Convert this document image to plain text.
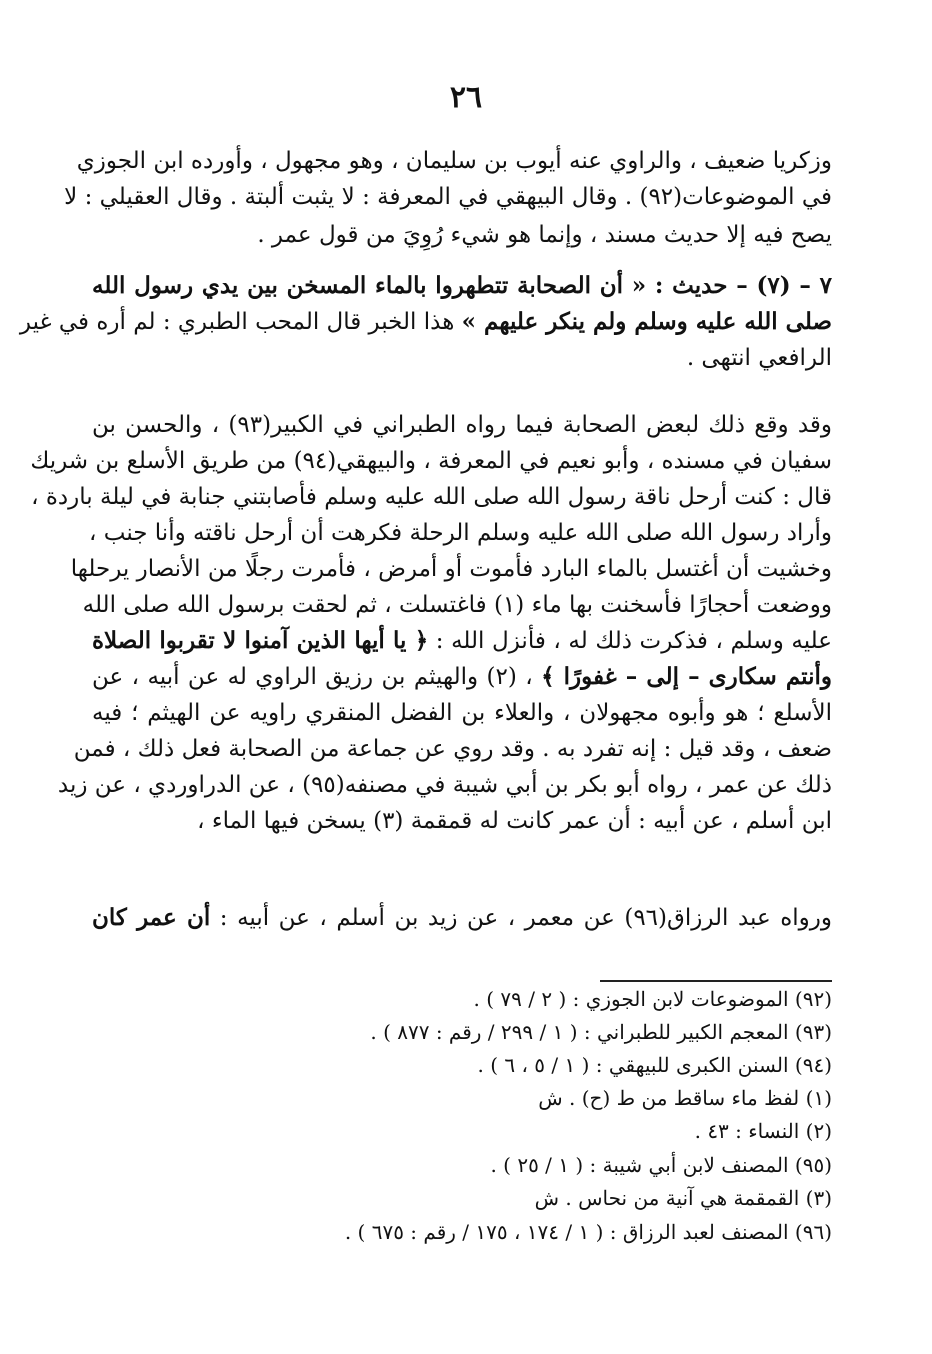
٢٦
وزكريا ضعيف ، والراوي عنه أيوب بن سليمان ، وهو مجهول ، وأورده ابن الجوزي
في الموضوعات(٩٢) . وقال البيهقي في المعرفة : لا يثبت ألبتة . وقال العقيلي : لا
يصح فيه إلا حديث مسند ، وإنما هو شيء رُوِيَ من قول عمر .
٧ – (٧) – حديث : « أن الصحابة تتطهروا بالماء المسخن بين يدي رسول الله
صلى الله عليه وسلم ولم ينكر عليهم » هذا الخبر قال المحب الطبري : لم أره في غير
الرافعي انتهى .
وقد وقع ذلك لبعض الصحابة فيما رواه الطبراني في الكبير(٩٣) ، والحسن بن
سفيان في مسنده ، وأبو نعيم في المعرفة ، والبيهقي(٩٤) من طريق الأسلع بن شريك
قال : كنت أرحل ناقة رسول الله صلى الله عليه وسلم فأصابتني جنابة في ليلة باردة ،
وأراد رسول الله صلى الله عليه وسلم الرحلة فكرهت أن أرحل ناقته وأنا جنب ،
وخشيت أن أغتسل بالماء البارد فأموت أو أمرض ، فأمرت رجلًا من الأنصار يرحلها
ووضعت أحجارًا فأسخنت بها ماء (١) فاغتسلت ، ثم لحقت برسول الله صلى الله
عليه وسلم ، فذكرت ذلك له ، فأنزل الله : ﴿ يا أيها الذين آمنوا لا تقربوا الصلاة
وأنتم سكارى – إلى – غفورًا ﴾ ، (٢) والهيثم بن رزيق الراوي له عن أبيه ، عن
الأسلع ؛ هو وأبوه مجهولان ، والعلاء بن الفضل المنقري راويه عن الهيثم ؛ فيه
ضعف ، وقد قيل : إنه تفرد به . وقد روي عن جماعة من الصحابة فعل ذلك ، فمن
ذلك عن عمر ، رواه أبو بكر بن أبي شيبة في مصنفه(٩٥) ، عن الدراوردي ، عن زيد
ابن أسلم ، عن أبيه : أن عمر كانت له قمقمة (٣) يسخن فيها الماء ،
ورواه عبد الرزاق(٩٦) عن معمر ، عن زيد بن أسلم ، عن أبيه : أن عمر كان
(٩٢) الموضوعات لابن الجوزي : ( ٢ / ٧٩ ) .
(٩٣) المعجم الكبير للطبراني : ( ١ / ٢٩٩ / رقم : ٨٧٧ ) .
(٩٤) السنن الكبرى للبيهقي : ( ١ / ٥ ، ٦ ) .
(١) لفظ ماء ساقط من ط (ح) . ش
(٢) النساء : ٤٣ .
(٩٥) المصنف لابن أبي شيبة : ( ١ / ٢٥ ) .
(٣) القمقمة هي آنية من نحاس . ش
(٩٦) المصنف لعبد الرزاق : ( ١ / ١٧٤ ، ١٧٥ / رقم : ٦٧٥ ) .
